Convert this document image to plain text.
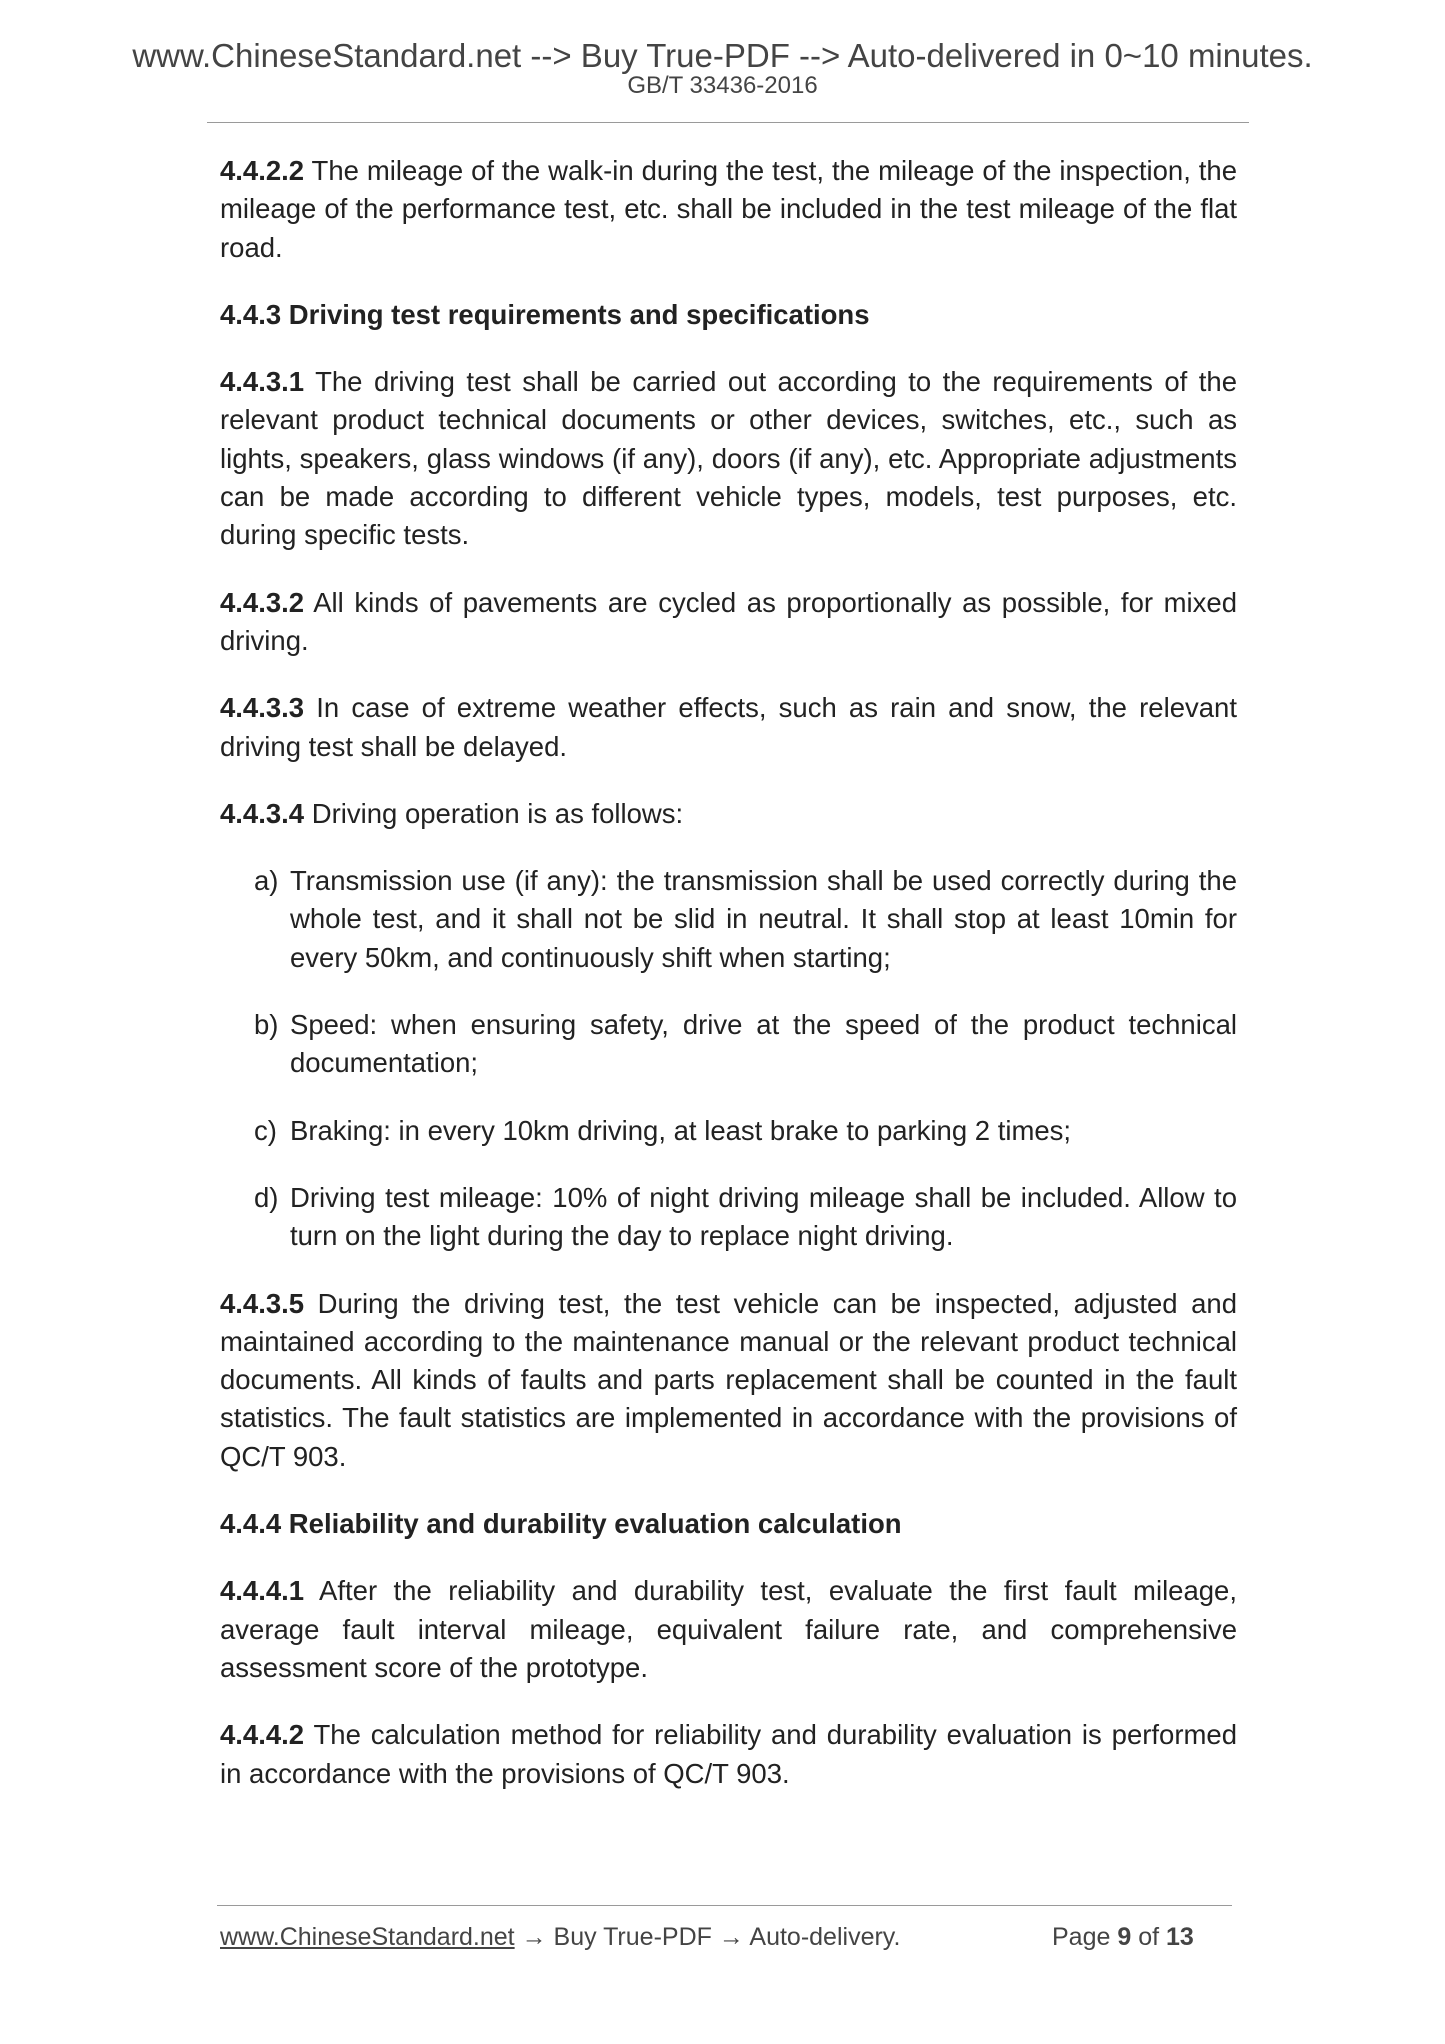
www.ChineseStandard.net --> Buy True-PDF --> Auto-delivered in 0~10 minutes.
GB/T 33436-2016

4.4.2.2 The mileage of the walk-in during the test, the mileage of the inspection, the mileage of the performance test, etc. shall be included in the test mileage of the flat road.

4.4.3 Driving test requirements and specifications

4.4.3.1 The driving test shall be carried out according to the requirements of the relevant product technical documents or other devices, switches, etc., such as lights, speakers, glass windows (if any), doors (if any), etc. Appropriate adjustments can be made according to different vehicle types, models, test purposes, etc. during specific tests.

4.4.3.2 All kinds of pavements are cycled as proportionally as possible, for mixed driving.

4.4.3.3 In case of extreme weather effects, such as rain and snow, the relevant driving test shall be delayed.

4.4.3.4 Driving operation is as follows:

a) Transmission use (if any): the transmission shall be used correctly during the whole test, and it shall not be slid in neutral. It shall stop at least 10min for every 50km, and continuously shift when starting;
b) Speed: when ensuring safety, drive at the speed of the product technical documentation;
c) Braking: in every 10km driving, at least brake to parking 2 times;
d) Driving test mileage: 10% of night driving mileage shall be included. Allow to turn on the light during the day to replace night driving.

4.4.3.5 During the driving test, the test vehicle can be inspected, adjusted and maintained according to the maintenance manual or the relevant product technical documents. All kinds of faults and parts replacement shall be counted in the fault statistics. The fault statistics are implemented in accordance with the provisions of QC/T 903.

4.4.4 Reliability and durability evaluation calculation

4.4.4.1 After the reliability and durability test, evaluate the first fault mileage, average fault interval mileage, equivalent failure rate, and comprehensive assessment score of the prototype.

4.4.4.2 The calculation method for reliability and durability evaluation is performed in accordance with the provisions of QC/T 903.

www.ChineseStandard.net → Buy True-PDF → Auto-delivery.	Page 9 of 13
